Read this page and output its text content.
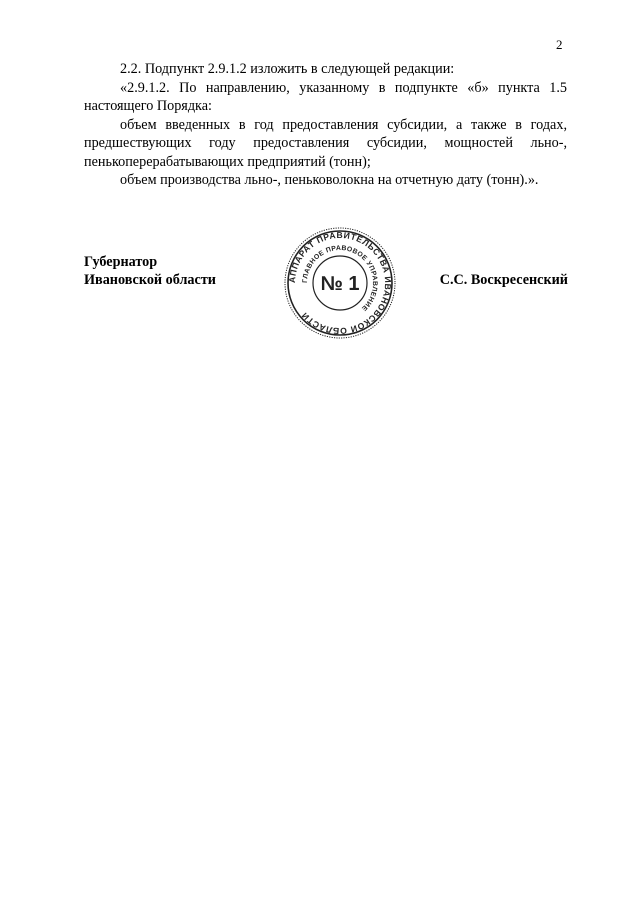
2

2.2. Подпункт 2.9.1.2 изложить в следующей редакции:

«2.9.1.2. По направлению, указанному в подпункте «б» пункта 1.5 настоящего Порядка:

объем введенных в год предоставления субсидии, а также в годах, предшествующих году предоставления субсидии, мощностей льно-, пенькоперерабатывающих предприятий (тонн);

объем производства льно-, пеньковолокна на отчетную дату (тонн).».

Губернатор
Ивановской области	С.С. Воскресенский
АППАРАТ ПРАВИТЕЛЬСТВА ИВАНОВСКОЙ ОБЛАСТИ
ГЛАВНОЕ ПРАВОВОЕ УПРАВЛЕНИЕ
№ 1
